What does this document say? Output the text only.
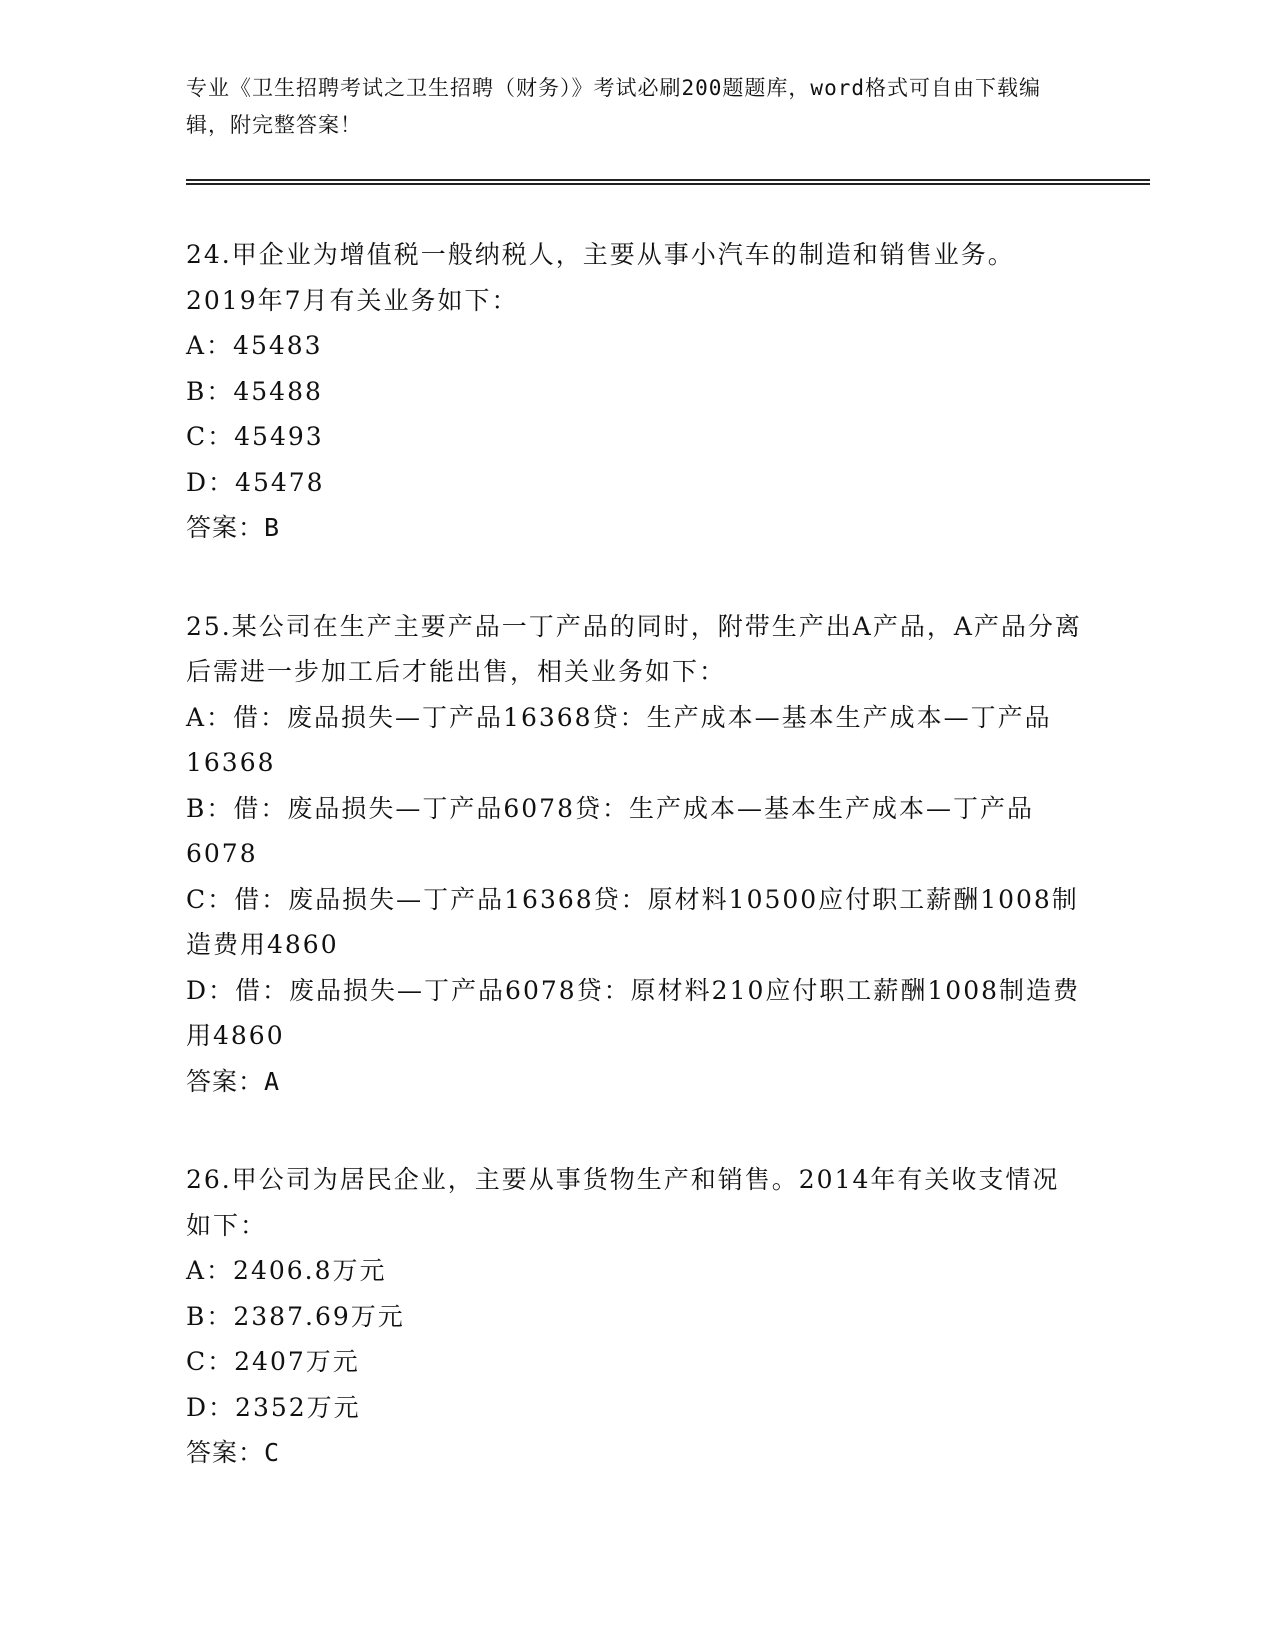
专业《卫生招聘考试之卫生招聘（财务）》考试必刷200题题库，word格式可自由下载编辑，附完整答案！

24.甲企业为增值税一般纳税人，主要从事小汽车的制造和销售业务。2019年7月有关业务如下：

A：45483

B：45488

C：45493

D：45478

答案：B

25.某公司在生产主要产品一丁产品的同时，附带生产出A产品，A产品分离后需进一步加工后才能出售，相关业务如下：

A：借：废品损失—丁产品16368贷：生产成本—基本生产成本—丁产品16368

B：借：废品损失—丁产品6078贷：生产成本—基本生产成本—丁产品6078

C：借：废品损失—丁产品16368贷：原材料10500应付职工薪酬1008制造费用4860

D：借：废品损失—丁产品6078贷：原材料210应付职工薪酬1008制造费用4860

答案：A

26.甲公司为居民企业，主要从事货物生产和销售。2014年有关收支情况如下：

A：2406.8万元

B：2387.69万元

C：2407万元

D：2352万元

答案：C
